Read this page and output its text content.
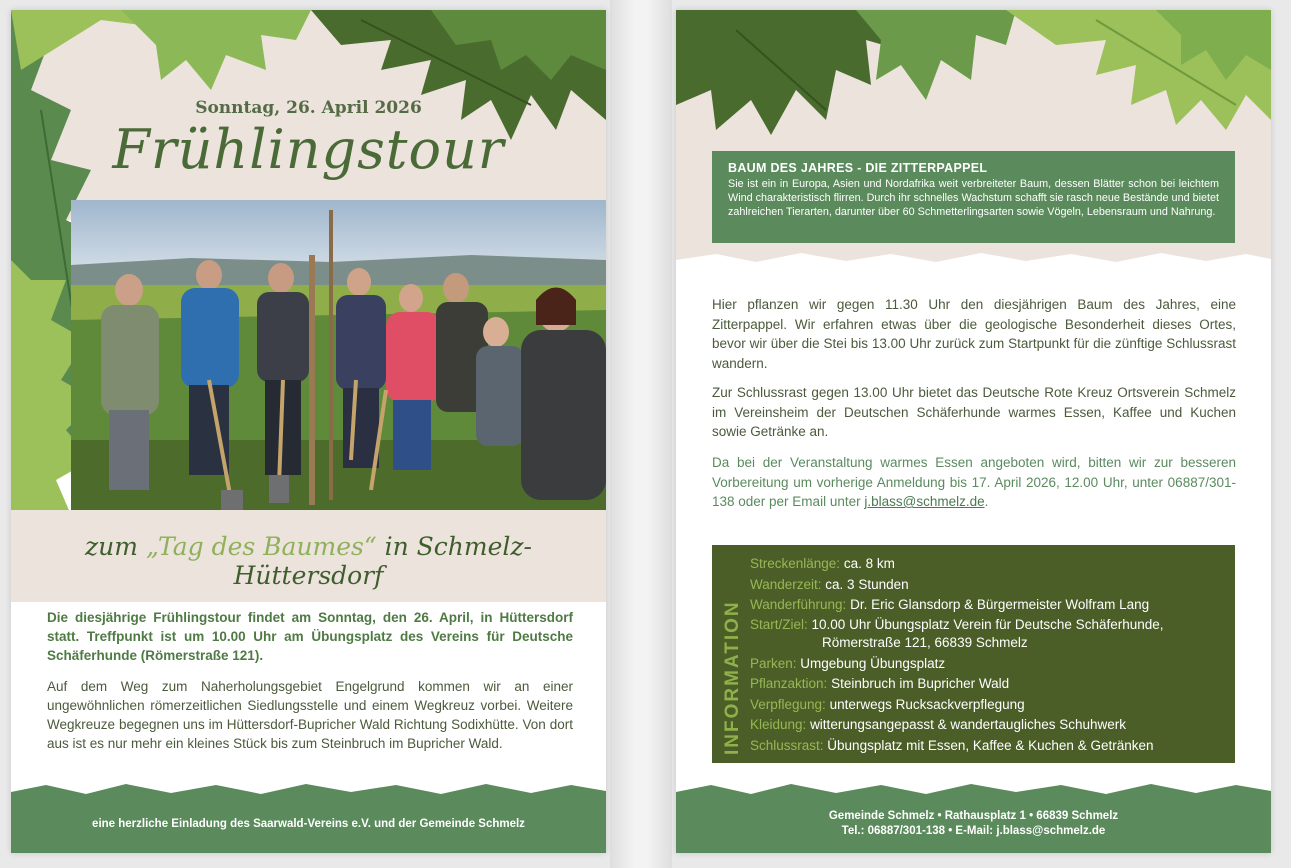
Sonntag, 26. April 2026
Frühlingstour
zum „Tag des Baumes“ in Schmelz-Hüttersdorf
Die diesjährige Frühlingstour findet am Sonntag, den 26. April, in Hüttersdorf statt. Treffpunkt ist um 10.00 Uhr am Übungsplatz des Vereins für Deutsche Schäferhunde (Römerstraße 121).
Auf dem Weg zum Naherholungsgebiet Engelgrund kommen wir an einer ungewöhnlichen römerzeitlichen Siedlungsstelle und einem Wegkreuz vorbei. Weitere Wegkreuze begegnen uns im Hüttersdorf-Bupricher Wald Richtung Sodixhütte. Von dort aus ist es nur mehr ein kleines Stück bis zum Steinbruch im Bupricher Wald.
eine herzliche Einladung des Saarwald-Vereins e.V. und der Gemeinde Schmelz
BAUM DES JAHRES - DIE ZITTERPAPPEL

Sie ist ein in Europa, Asien und Nordafrika weit verbreiteter Baum, dessen Blätter schon bei leichtem Wind charakteristisch flirren. Durch ihr schnelles Wachstum schafft sie rasch neue Bestände und bietet zahlreichen Tierarten, darunter über 60 Schmetterlingsarten sowie Vögeln, Lebensraum und Nahrung.

Hier pflanzen wir gegen 11.30 Uhr den diesjährigen Baum des Jahres, eine Zitterpappel. Wir erfahren etwas über die geologische Besonderheit dieses Ortes, bevor wir über die Stei bis 13.00 Uhr zurück zum Startpunkt für die zünftige Schlussrast wandern.
Zur Schlussrast gegen 13.00 Uhr bietet das Deutsche Rote Kreuz Ortsverein Schmelz im Vereinsheim der Deutschen Schäferhunde warmes Essen, Kaffee und Kuchen sowie Getränke an.
Da bei der Veranstaltung warmes Essen angeboten wird, bitten wir zur besseren Vorbereitung um vorherige Anmeldung bis 17. April 2026, 12.00 Uhr, unter 06887/301-138 oder per Email unter j.blass@schmelz.de.
INFORMATION
Streckenlänge: ca. 8 km
Wanderzeit: ca. 3 Stunden
Wanderführung: Dr. Eric Glansdorp & Bürgermeister Wolfram Lang
Start/Ziel: 10.00 Uhr Übungsplatz Verein für Deutsche Schäferhunde,
Römerstraße 121, 66839 Schmelz
Parken: Umgebung Übungsplatz
Pflanzaktion: Steinbruch im Bupricher Wald
Verpflegung: unterwegs Rucksackverpflegung
Kleidung: witterungsangepasst & wandertaugliches Schuhwerk
Schlussrast: Übungsplatz mit Essen, Kaffee & Kuchen & Getränken
Gemeinde Schmelz • Rathausplatz 1 • 66839 Schmelz
Tel.: 06887/301-138 • E-Mail: j.blass@schmelz.de
